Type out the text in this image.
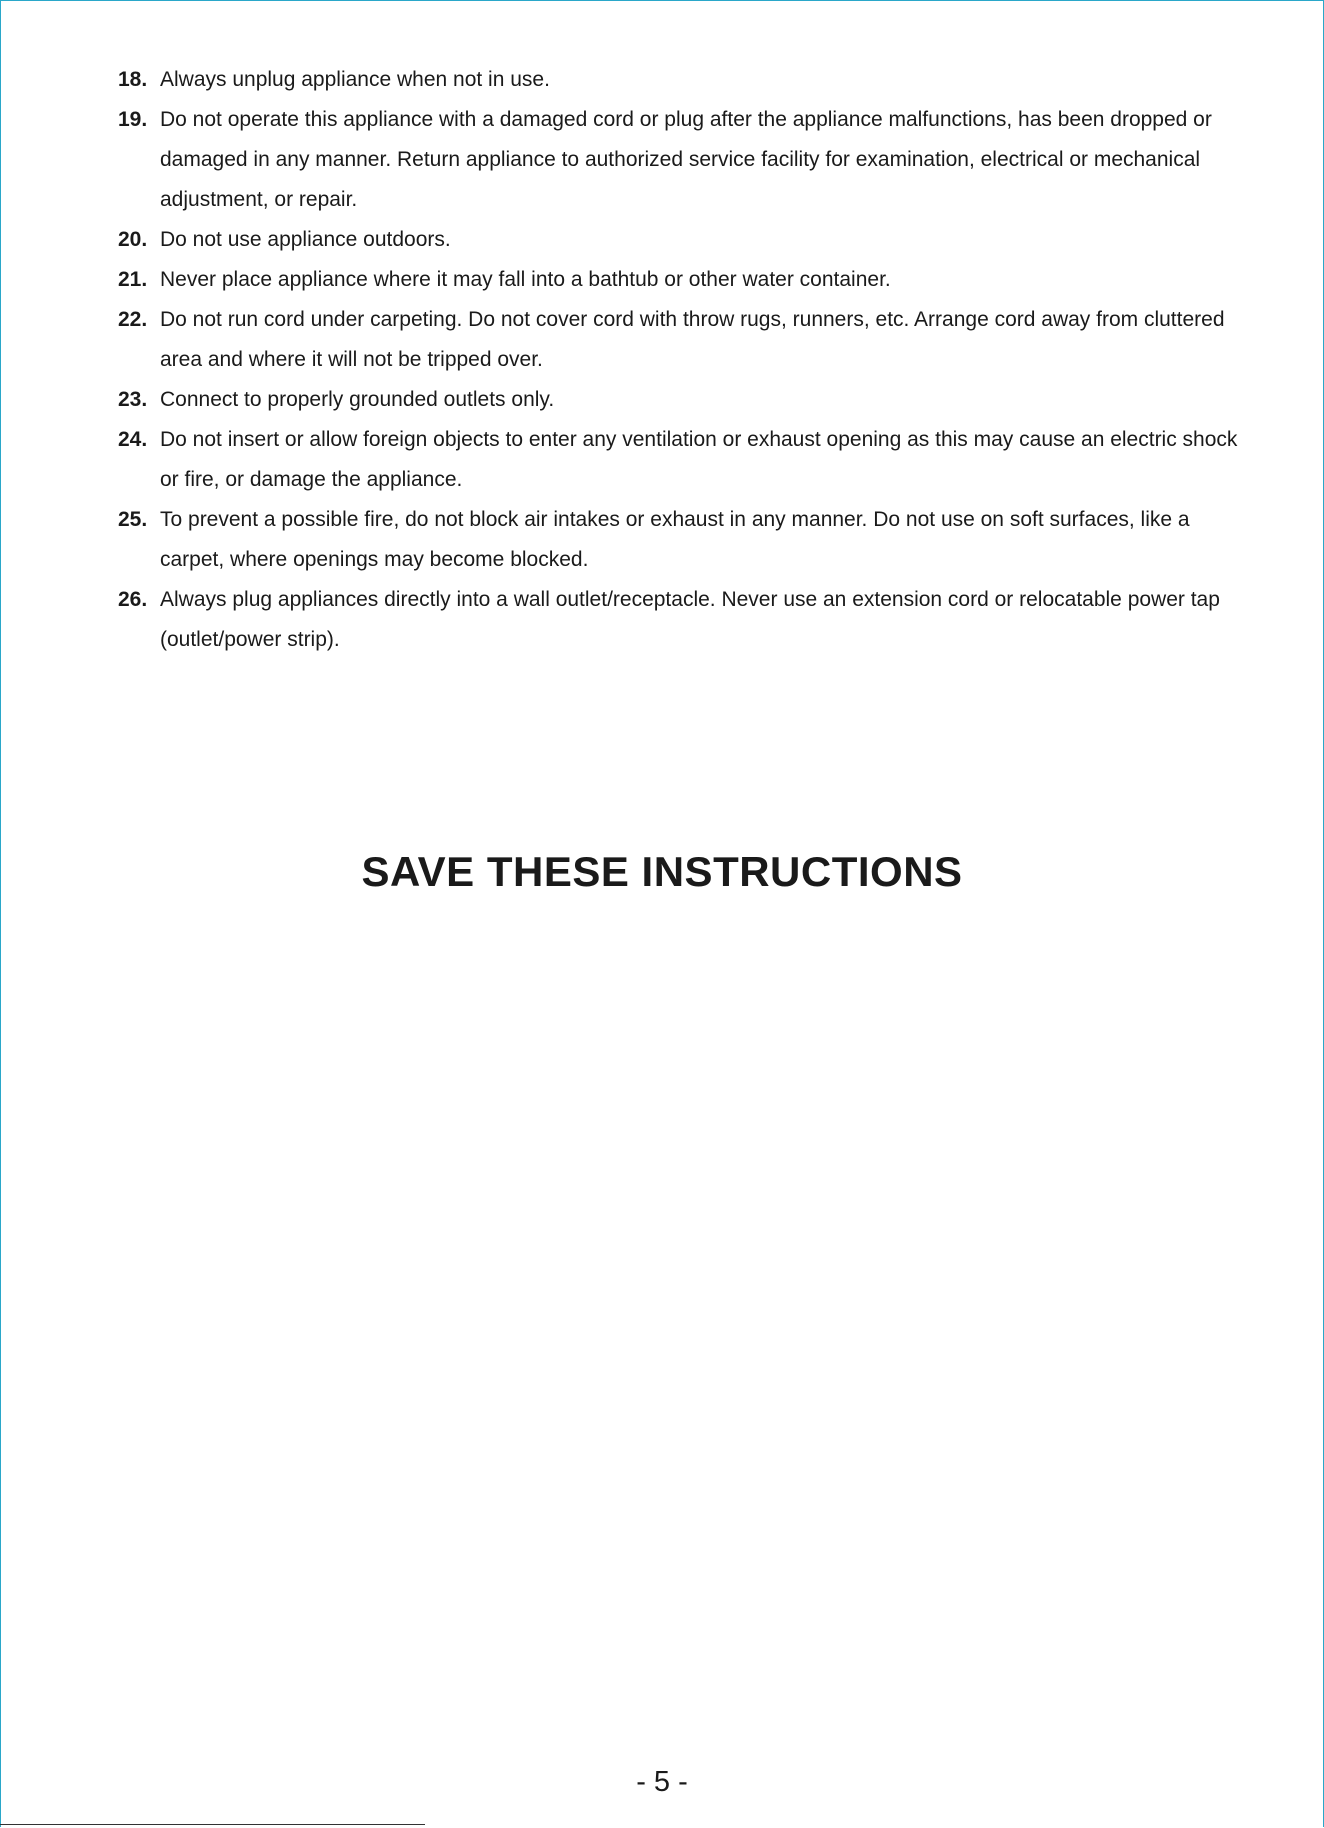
18. Always unplug appliance when not in use.
19. Do not operate this appliance with a damaged cord or plug after the appliance malfunctions, has been dropped or damaged in any manner. Return appliance to authorized service facility for examination, electrical or mechanical adjustment, or repair.
20. Do not use appliance outdoors.
21. Never place appliance where it may fall into a bathtub or other water container.
22. Do not run cord under carpeting. Do not cover cord with throw rugs, runners, etc. Arrange cord away from cluttered area and where it will not be tripped over.
23. Connect to properly grounded outlets only.
24. Do not insert or allow foreign objects to enter any ventilation or exhaust opening as this may cause an electric shock or fire, or damage the appliance.
25. To prevent a possible fire, do not block air intakes or exhaust in any manner. Do not use on soft surfaces, like a carpet, where openings may become blocked.
26. Always plug appliances directly into a wall outlet/receptacle. Never use an extension cord or relocatable power tap (outlet/power strip).
SAVE THESE INSTRUCTIONS
- 5 -
